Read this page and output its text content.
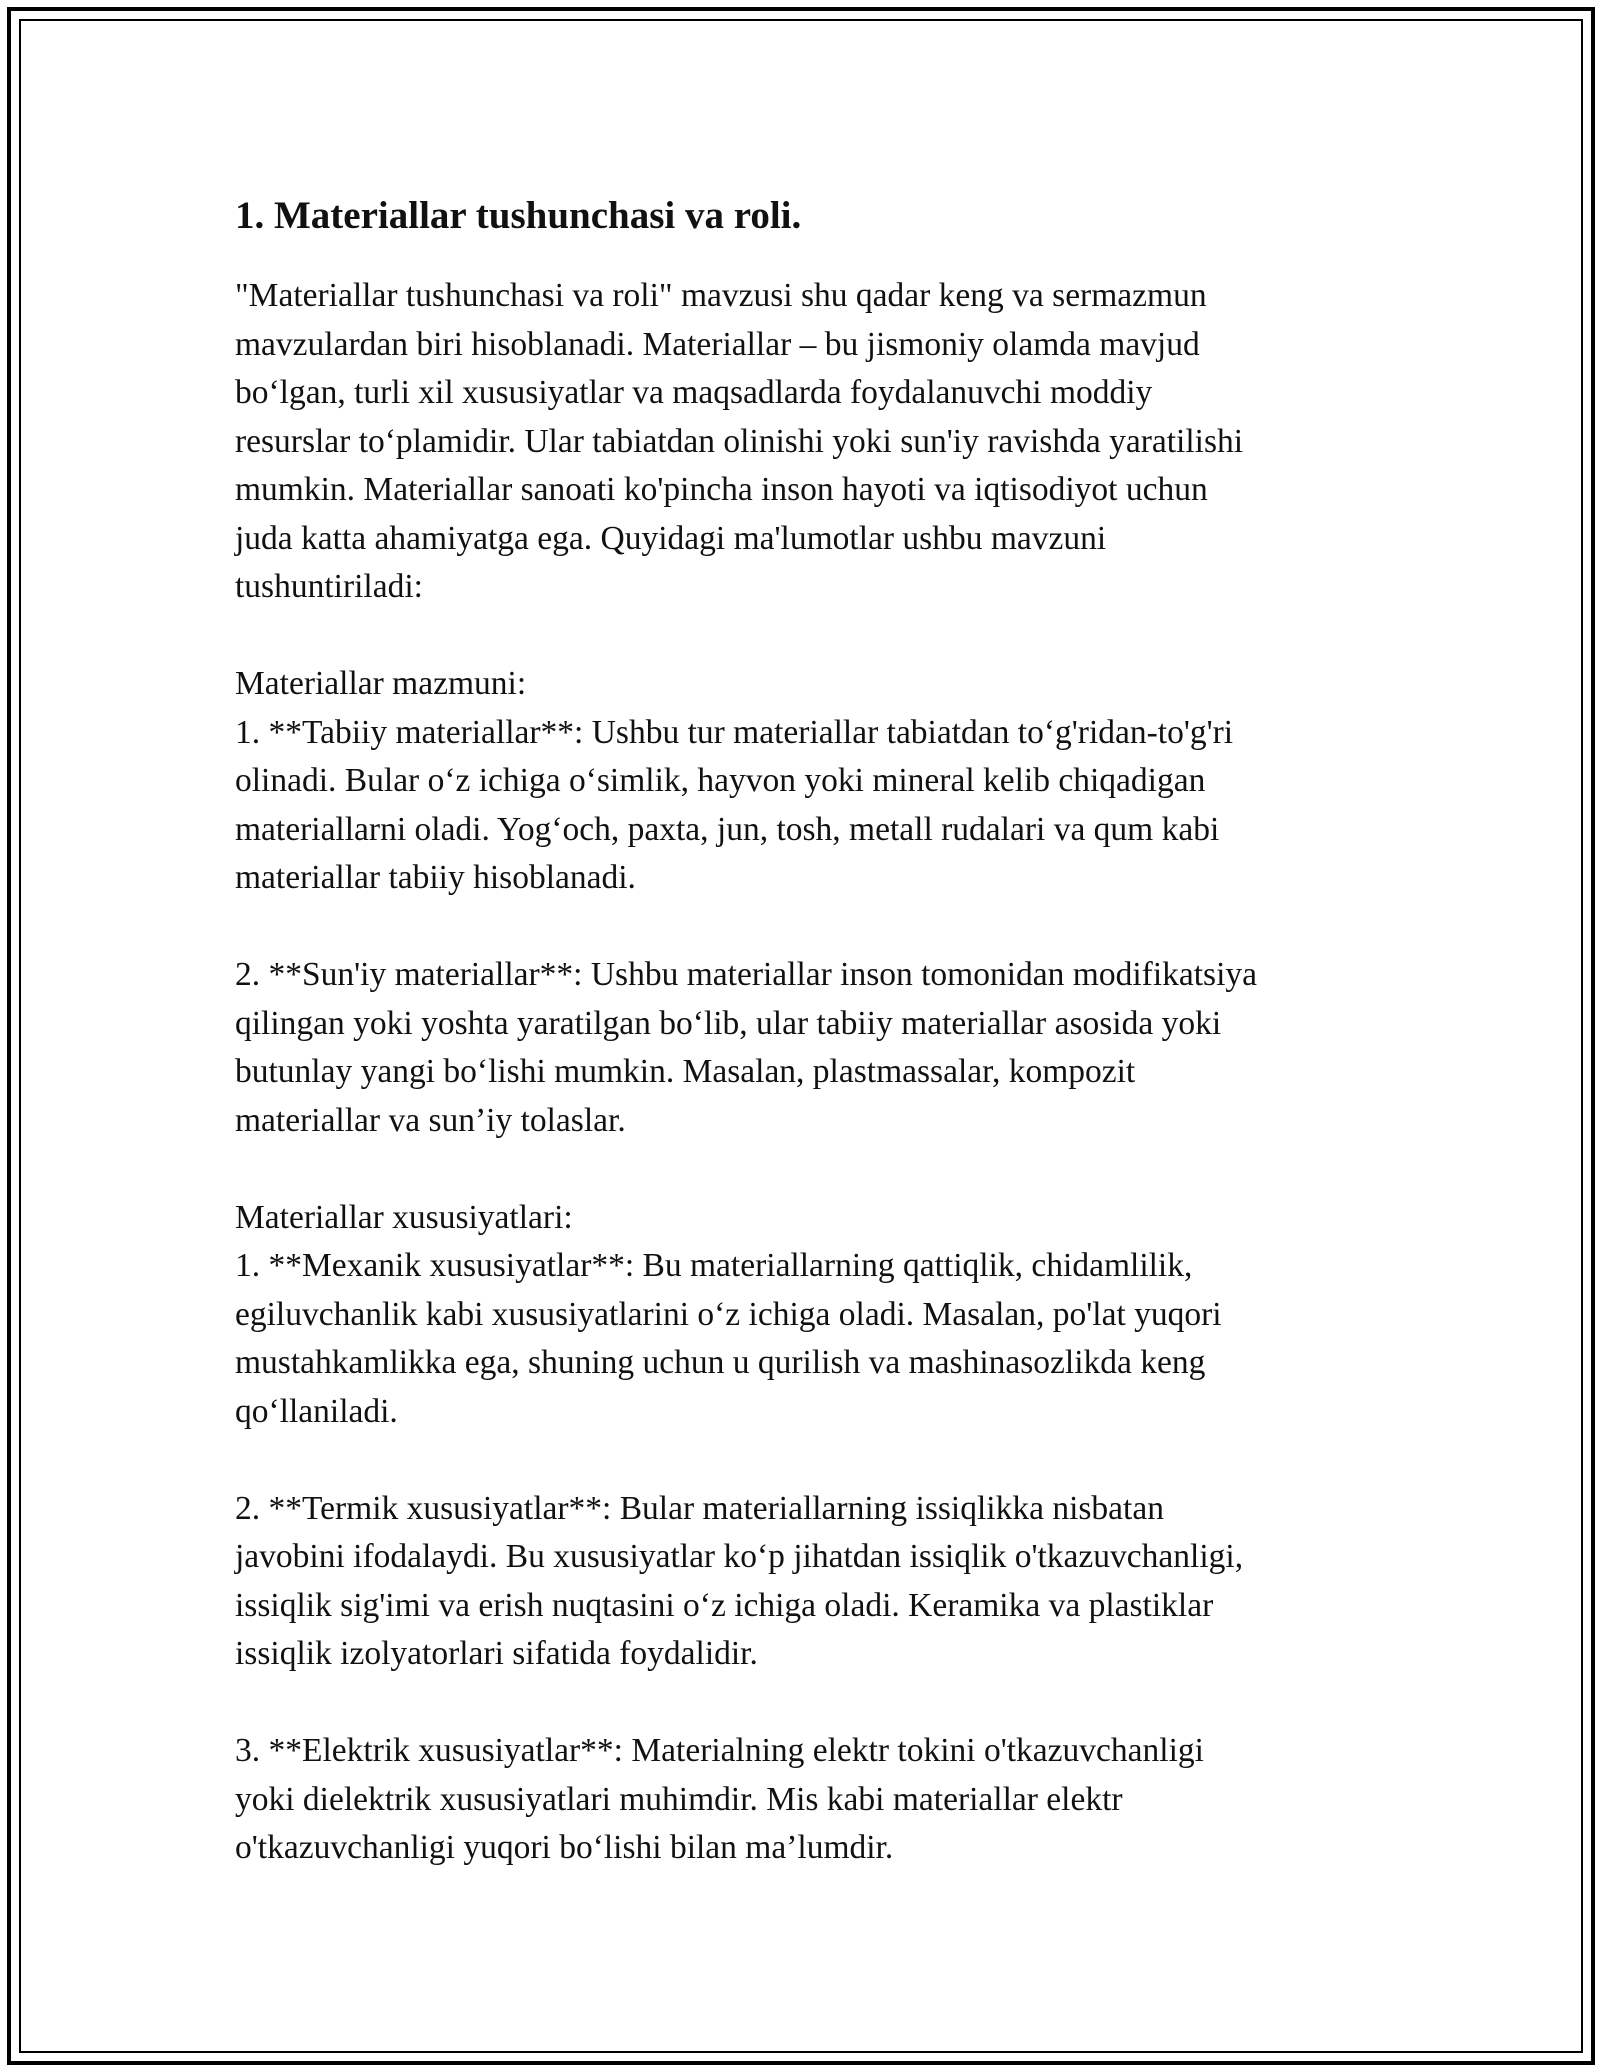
1. Materiallar tushunchasi va roli.

"Materiallar tushunchasi va roli" mavzusi shu qadar keng va sermazmun
mavzulardan biri hisoblanadi. Materiallar – bu jismoniy olamda mavjud
bo‘lgan, turli xil xususiyatlar va maqsadlarda foydalanuvchi moddiy
resurslar to‘plamidir. Ular tabiatdan olinishi yoki sun'iy ravishda yaratilishi
mumkin. Materiallar sanoati ko'pincha inson hayoti va iqtisodiyot uchun
juda katta ahamiyatga ega. Quyidagi ma'lumotlar ushbu mavzuni
tushuntiriladi:

Materiallar mazmuni:
1. **Tabiiy materiallar**: Ushbu tur materiallar tabiatdan to‘g'ridan-to'g'ri
olinadi. Bular o‘z ichiga o‘simlik, hayvon yoki mineral kelib chiqadigan
materiallarni oladi. Yog‘och, paxta, jun, tosh, metall rudalari va qum kabi
materiallar tabiiy hisoblanadi.

2. **Sun'iy materiallar**: Ushbu materiallar inson tomonidan modifikatsiya
qilingan yoki yoshta yaratilgan bo‘lib, ular tabiiy materiallar asosida yoki
butunlay yangi bo‘lishi mumkin. Masalan, plastmassalar, kompozit
materiallar va sun’iy tolaslar.

Materiallar xususiyatlari:
1. **Mexanik xususiyatlar**: Bu materiallarning qattiqlik, chidamlilik,
egiluvchanlik kabi xususiyatlarini o‘z ichiga oladi. Masalan, po'lat yuqori
mustahkamlikka ega, shuning uchun u qurilish va mashinasozlikda keng
qo‘llaniladi.

2. **Termik xususiyatlar**: Bular materiallarning issiqlikka nisbatan
javobini ifodalaydi. Bu xususiyatlar ko‘p jihatdan issiqlik o'tkazuvchanligi,
issiqlik sig'imi va erish nuqtasini o‘z ichiga oladi. Keramika va plastiklar
issiqlik izolyatorlari sifatida foydalidir.

3. **Elektrik xususiyatlar**: Materialning elektr tokini o'tkazuvchanligi
yoki dielektrik xususiyatlari muhimdir. Mis kabi materiallar elektr
o'tkazuvchanligi yuqori bo‘lishi bilan ma’lumdir.
